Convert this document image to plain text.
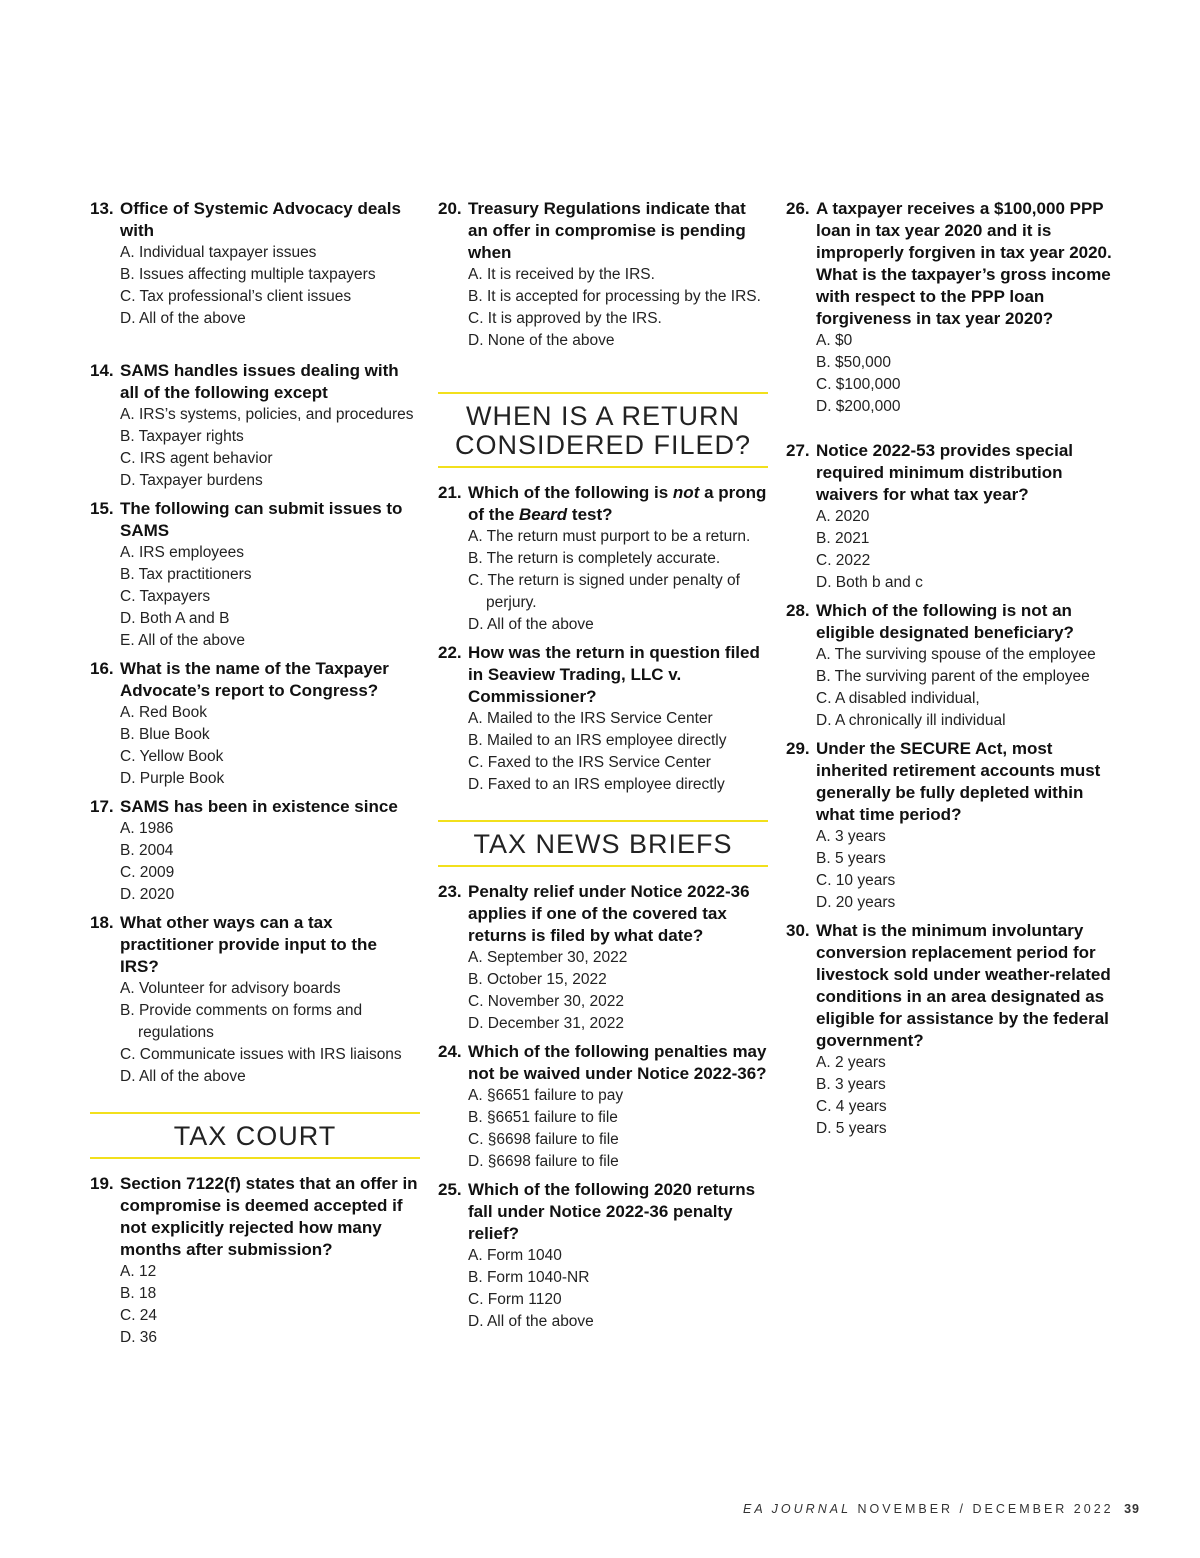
13. Office of Systemic Advocacy deals with
A. Individual taxpayer issues
B. Issues affecting multiple taxpayers
C. Tax professional’s client issues
D. All of the above
14. SAMS handles issues dealing with all of the following except
A. IRS’s systems, policies, and procedures
B. Taxpayer rights
C. IRS agent behavior
D. Taxpayer burdens
15. The following can submit issues to SAMS
A. IRS employees
B. Tax practitioners
C. Taxpayers
D. Both A and B
E. All of the above
16. What is the name of the Taxpayer Advocate’s report to Congress?
A. Red Book
B. Blue Book
C. Yellow Book
D. Purple Book
17. SAMS has been in existence since
A. 1986
B. 2004
C. 2009
D. 2020
18. What other ways can a tax practitioner provide input to the IRS?
A. Volunteer for advisory boards
B. Provide comments on forms and regulations
C. Communicate issues with IRS liaisons
D. All of the above
TAX COURT
19. Section 7122(f) states that an offer in compromise is deemed accepted if not explicitly rejected how many months after submission?
A. 12
B. 18
C. 24
D. 36
20. Treasury Regulations indicate that an offer in compromise is pending when
A. It is received by the IRS.
B. It is accepted for processing by the IRS.
C. It is approved by the IRS.
D. None of the above
WHEN IS A RETURN CONSIDERED FILED?
21. Which of the following is not a prong of the Beard test?
A. The return must purport to be a return.
B. The return is completely accurate.
C. The return is signed under penalty of perjury.
D. All of the above
22. How was the return in question filed in Seaview Trading, LLC v. Commissioner?
A. Mailed to the IRS Service Center
B. Mailed to an IRS employee directly
C. Faxed to the IRS Service Center
D. Faxed to an IRS employee directly
TAX NEWS BRIEFS
23. Penalty relief under Notice 2022-36 applies if one of the covered tax returns is filed by what date?
A. September 30, 2022
B. October 15, 2022
C. November 30, 2022
D. December 31, 2022
24. Which of the following penalties may not be waived under Notice 2022-36?
A. §6651 failure to pay
B. §6651 failure to file
C. §6698 failure to file
D. §6698 failure to file
25. Which of the following 2020 returns fall under Notice 2022-36 penalty relief?
A. Form 1040
B. Form 1040-NR
C. Form 1120
D. All of the above
26. A taxpayer receives a $100,000 PPP loan in tax year 2020 and it is improperly forgiven in tax year 2020. What is the taxpayer’s gross income with respect to the PPP loan forgiveness in tax year 2020?
A. $0
B. $50,000
C. $100,000
D. $200,000
27. Notice 2022-53 provides special required minimum distribution waivers for what tax year?
A. 2020
B. 2021
C. 2022
D. Both b and c
28. Which of the following is not an eligible designated beneficiary?
A. The surviving spouse of the employee
B. The surviving parent of the employee
C. A disabled individual,
D. A chronically ill individual
29. Under the SECURE Act, most inherited retirement accounts must generally be fully depleted within what time period?
A. 3 years
B. 5 years
C. 10 years
D. 20 years
30. What is the minimum involuntary conversion replacement period for livestock sold under weather-related conditions in an area designated as eligible for assistance by the federal government?
A. 2 years
B. 3 years
C. 4 years
D. 5 years
EA JOURNAL NOVEMBER / DECEMBER 2022 39
